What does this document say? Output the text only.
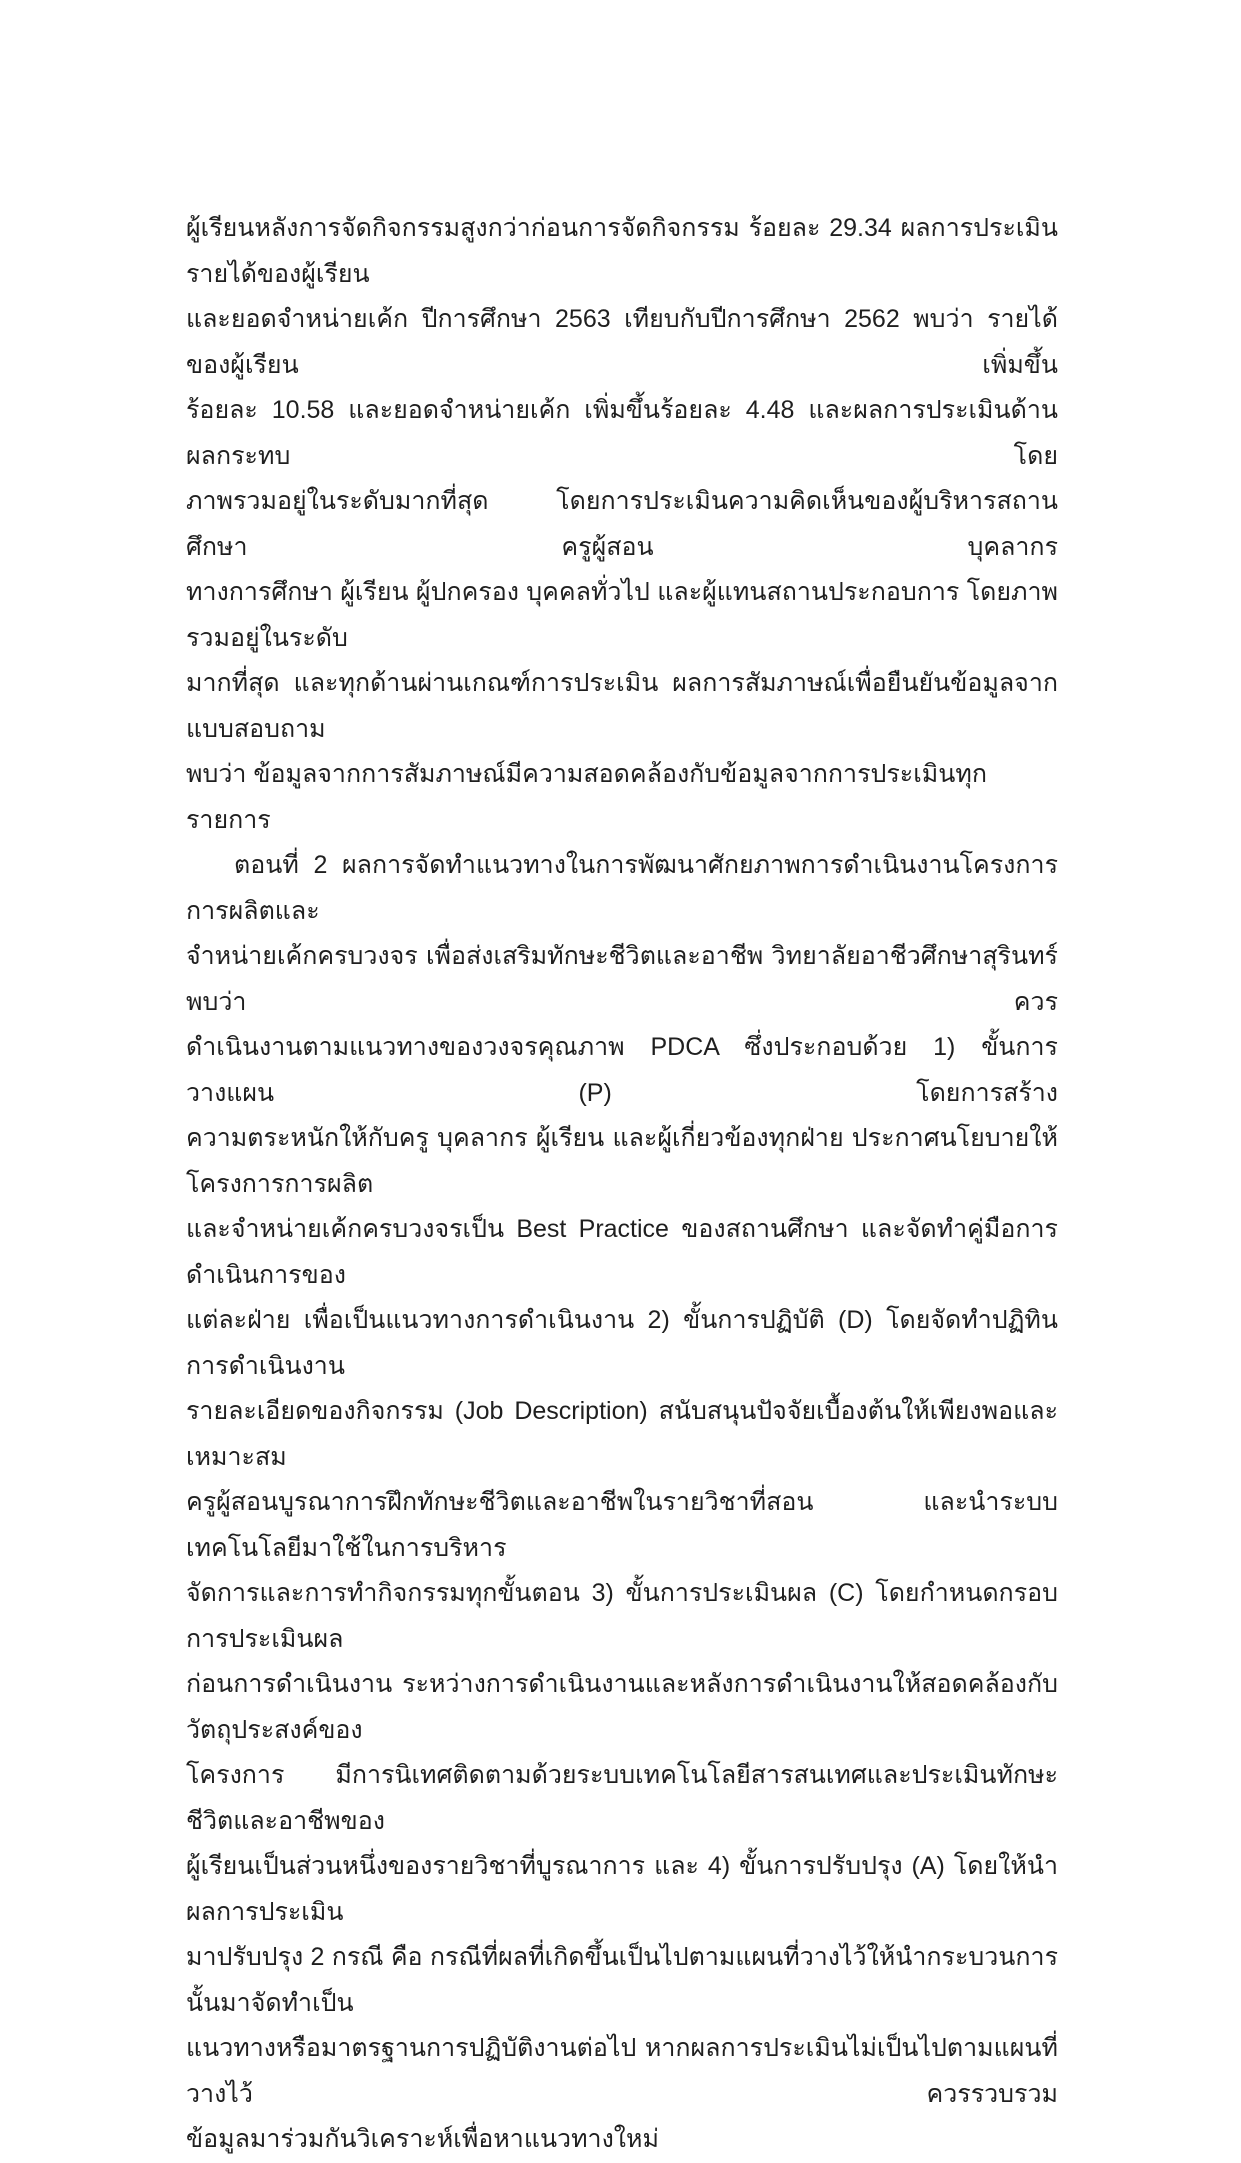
ผู้เรียนหลังการจัดกิจกรรมสูงกว่าก่อนการจัดกิจกรรม ร้อยละ 29.34 ผลการประเมินรายได้ของผู้เรียน
และยอดจำหน่ายเค้ก ปีการศึกษา 2563 เทียบกับปีการศึกษา 2562 พบว่า รายได้ของผู้เรียน เพิ่มขึ้น
ร้อยละ 10.58 และยอดจำหน่ายเค้ก เพิ่มขึ้นร้อยละ 4.48 และผลการประเมินด้านผลกระทบ โดย
ภาพรวมอยู่ในระดับมากที่สุด โดยการประเมินความคิดเห็นของผู้บริหารสถานศึกษา ครูผู้สอน บุคลากร
ทางการศึกษา ผู้เรียน ผู้ปกครอง บุคคลทั่วไป และผู้แทนสถานประกอบการ โดยภาพรวมอยู่ในระดับ
มากที่สุด และทุกด้านผ่านเกณฑ์การประเมิน ผลการสัมภาษณ์เพื่อยืนยันข้อมูลจากแบบสอบถาม
พบว่า ข้อมูลจากการสัมภาษณ์มีความสอดคล้องกับข้อมูลจากการประเมินทุกรายการ
ตอนที่ 2 ผลการจัดทำแนวทางในการพัฒนาศักยภาพการดำเนินงานโครงการการผลิตและ
จำหน่ายเค้กครบวงจร เพื่อส่งเสริมทักษะชีวิตและอาชีพ วิทยาลัยอาชีวศึกษาสุรินทร์ พบว่า ควร
ดำเนินงานตามแนวทางของวงจรคุณภาพ PDCA ซึ่งประกอบด้วย 1) ขั้นการวางแผน (P) โดยการสร้าง
ความตระหนักให้กับครู บุคลากร ผู้เรียน และผู้เกี่ยวข้องทุกฝ่าย ประกาศนโยบายให้โครงการการผลิต
และจำหน่ายเค้กครบวงจรเป็น Best Practice ของสถานศึกษา และจัดทำคู่มือการดำเนินการของ
แต่ละฝ่าย เพื่อเป็นแนวทางการดำเนินงาน 2) ขั้นการปฏิบัติ (D) โดยจัดทำปฏิทินการดำเนินงาน
รายละเอียดของกิจกรรม (Job Description) สนับสนุนปัจจัยเบื้องต้นให้เพียงพอและเหมาะสม
ครูผู้สอนบูรณาการฝึกทักษะชีวิตและอาชีพในรายวิชาที่สอน และนำระบบเทคโนโลยีมาใช้ในการบริหาร
จัดการและการทำกิจกรรมทุกขั้นตอน 3) ขั้นการประเมินผล (C) โดยกำหนดกรอบการประเมินผล
ก่อนการดำเนินงาน ระหว่างการดำเนินงานและหลังการดำเนินงานให้สอดคล้องกับวัตถุประสงค์ของ
โครงการ มีการนิเทศติดตามด้วยระบบเทคโนโลยีสารสนเทศและประเมินทักษะชีวิตและอาชีพของ
ผู้เรียนเป็นส่วนหนึ่งของรายวิชาที่บูรณาการ และ 4) ขั้นการปรับปรุง (A) โดยให้นำผลการประเมิน
มาปรับปรุง 2 กรณี คือ กรณีที่ผลที่เกิดขึ้นเป็นไปตามแผนที่วางไว้ให้นำกระบวนการนั้นมาจัดทำเป็น
แนวทางหรือมาตรฐานการปฏิบัติงานต่อไป หากผลการประเมินไม่เป็นไปตามแผนที่วางไว้ ควรรวบรวม
ข้อมูลมาร่วมกันวิเคราะห์เพื่อหาแนวทางใหม่
